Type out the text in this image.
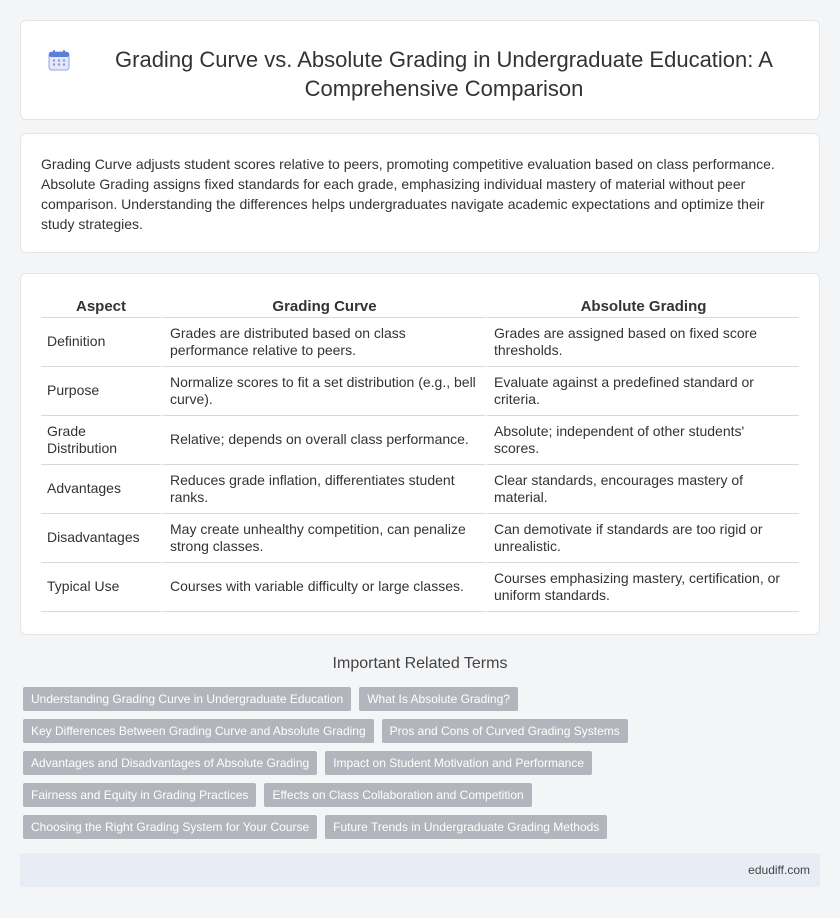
Grading Curve vs. Absolute Grading in Undergraduate Education: A Comprehensive Comparison

Grading Curve adjusts student scores relative to peers, promoting competitive evaluation based on class performance. Absolute Grading assigns fixed standards for each grade, emphasizing individual mastery of material without peer comparison. Understanding the differences helps undergraduates navigate academic expectations and optimize their study strategies.

Aspect	Grading Curve	Absolute Grading
Definition	Grades are distributed based on class performance relative to peers.	Grades are assigned based on fixed score thresholds.
Purpose	Normalize scores to fit a set distribution (e.g., bell curve).	Evaluate against a predefined standard or criteria.
Grade Distribution	Relative; depends on overall class performance.	Absolute; independent of other students' scores.
Advantages	Reduces grade inflation, differentiates student ranks.	Clear standards, encourages mastery of material.
Disadvantages	May create unhealthy competition, can penalize strong classes.	Can demotivate if standards are too rigid or unrealistic.
Typical Use	Courses with variable difficulty or large classes.	Courses emphasizing mastery, certification, or uniform standards.
Important Related Terms
Understanding Grading Curve in Undergraduate Education	What Is Absolute Grading?
Key Differences Between Grading Curve and Absolute Grading	Pros and Cons of Curved Grading Systems
Advantages and Disadvantages of Absolute Grading	Impact on Student Motivation and Performance
Fairness and Equity in Grading Practices	Effects on Class Collaboration and Competition
Choosing the Right Grading System for Your Course	Future Trends in Undergraduate Grading Methods
edudiff.com
